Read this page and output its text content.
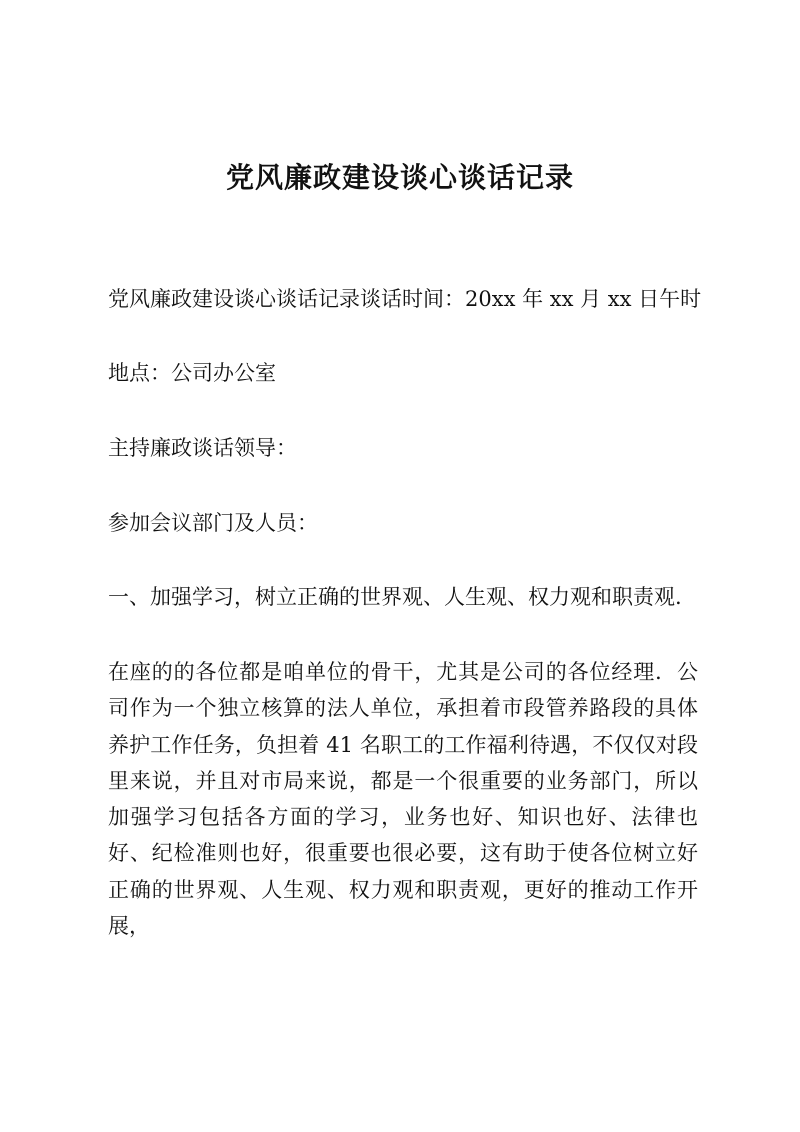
党风廉政建设谈心谈话记录
党风廉政建设谈心谈话记录谈话时间：20xx 年 xx 月 xx 日午时
地点：公司办公室
主持廉政谈话领导：
参加会议部门及人员：
一、加强学习，树立正确的世界观、人生观、权力观和职责观.
在座的的各位都是咱单位的骨干，尤其是公司的各位经理．公
司作为一个独立核算的法人单位，承担着市段管养路段的具体
养护工作任务，负担着 41 名职工的工作福利待遇，不仅仅对段
里来说，并且对市局来说，都是一个很重要的业务部门，所以
加强学习包括各方面的学习，业务也好、知识也好、法律也
好、纪检准则也好，很重要也很必要，这有助于使各位树立好
正确的世界观、人生观、权力观和职责观，更好的推动工作开
展，
